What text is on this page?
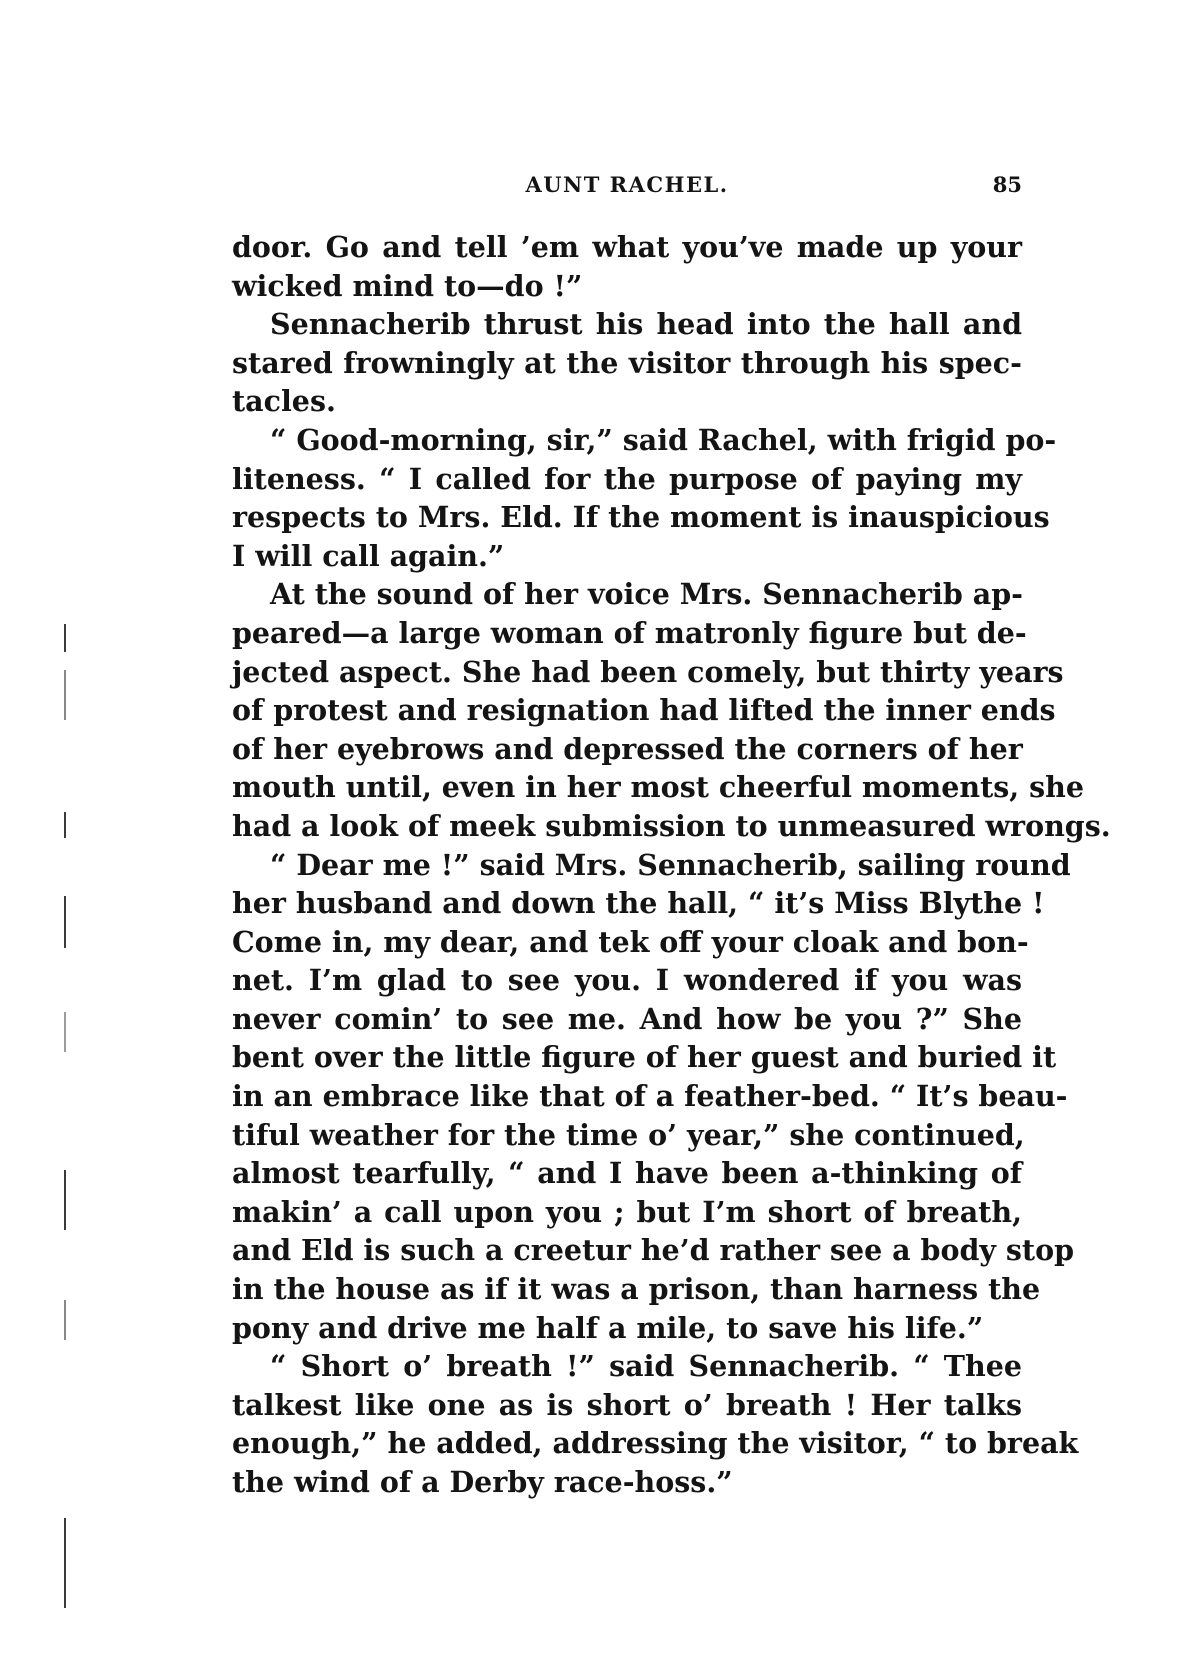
AUNT RACHEL.	85
door. Go and tell ’em what you’ve made up your
wicked mind to—do !”
Sennacherib thrust his head into the hall and
stared frowningly at the visitor through his spec-
tacles.
“ Good-morning, sir,” said Rachel, with frigid po-
liteness. “ I called for the purpose of paying my
respects to Mrs. Eld. If the moment is inauspicious
I will call again.”
At the sound of her voice Mrs. Sennacherib ap-
peared—a large woman of matronly figure but de-
jected aspect. She had been comely, but thirty years
of protest and resignation had lifted the inner ends
of her eyebrows and depressed the corners of her
mouth until, even in her most cheerful moments, she
had a look of meek submission to unmeasured wrongs.
“ Dear me !” said Mrs. Sennacherib, sailing round
her husband and down the hall, “ it’s Miss Blythe !
Come in, my dear, and tek off your cloak and bon-
net. I’m glad to see you. I wondered if you was
never comin’ to see me. And how be you ?” She
bent over the little figure of her guest and buried it
in an embrace like that of a feather-bed. “ It’s beau-
tiful weather for the time o’ year,” she continued,
almost tearfully, “ and I have been a-thinking of
makin’ a call upon you ; but I’m short of breath,
and Eld is such a creetur he’d rather see a body stop
in the house as if it was a prison, than harness the
pony and drive me half a mile, to save his life.”
“ Short o’ breath !” said Sennacherib. “ Thee
talkest like one as is short o’ breath ! Her talks
enough,” he added, addressing the visitor, “ to break
the wind of a Derby race-hoss.”
